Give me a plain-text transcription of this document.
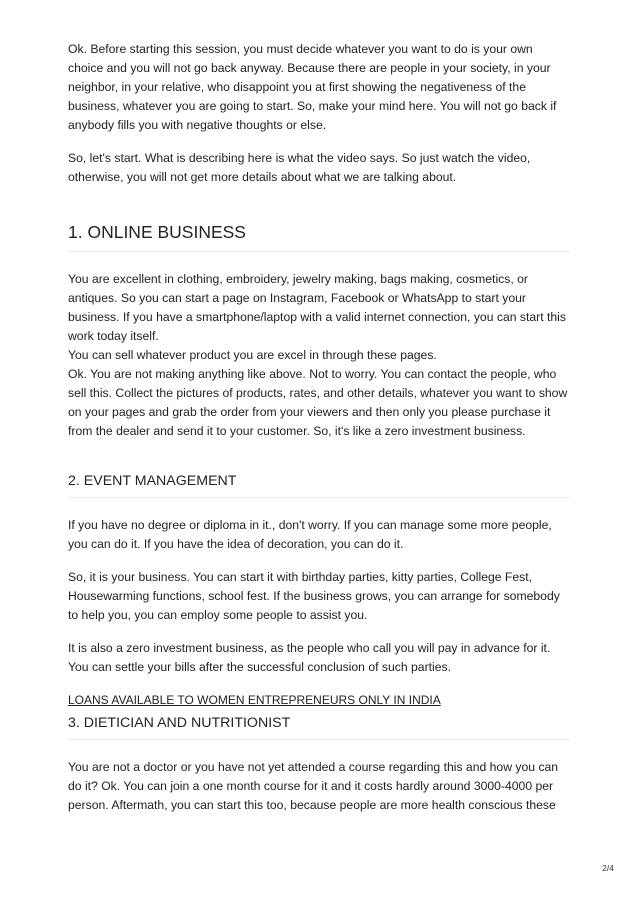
Ok. Before starting this session, you must decide whatever you want to do is your own choice and you will not go back anyway. Because there are people in your society, in your neighbor, in your relative, who disappoint you at first showing the negativeness of the business, whatever you are going to start. So, make your mind here. You will not go back if anybody fills you with negative thoughts or else.

So, let's start. What is describing here is what the video says. So just watch the video, otherwise, you will not get more details about what we are talking about.

1. ONLINE BUSINESS

You are excellent in clothing, embroidery, jewelry making, bags making, cosmetics, or antiques. So you can start a page on Instagram, Facebook or WhatsApp to start your business. If you have a smartphone/laptop with a valid internet connection, you can start this work today itself.

You can sell whatever product you are excel in through these pages.

Ok. You are not making anything like above. Not to worry. You can contact the people, who sell this. Collect the pictures of products, rates, and other details, whatever you want to show on your pages and grab the order from your viewers and then only you please purchase it from the dealer and send it to your customer. So, it's like a zero investment business.

2. EVENT MANAGEMENT

If you have no degree or diploma in it., don't worry. If you can manage some more people, you can do it. If you have the idea of decoration, you can do it.

So, it is your business. You can start it with birthday parties, kitty parties, College Fest, Housewarming functions, school fest. If the business grows, you can arrange for somebody to help you, you can employ some people to assist you.

It is also a zero investment business, as the people who call you will pay in advance for it. You can settle your bills after the successful conclusion of such parties.

LOANS AVAILABLE TO WOMEN ENTREPRENEURS ONLY IN INDIA
3. DIETICIAN AND NUTRITIONIST

You are not a doctor or you have not yet attended a course regarding this and how you can do it? Ok. You can join a one month course for it and it costs hardly around 3000-4000 per person. Aftermath, you can start this too, because people are more health conscious these

2/4
